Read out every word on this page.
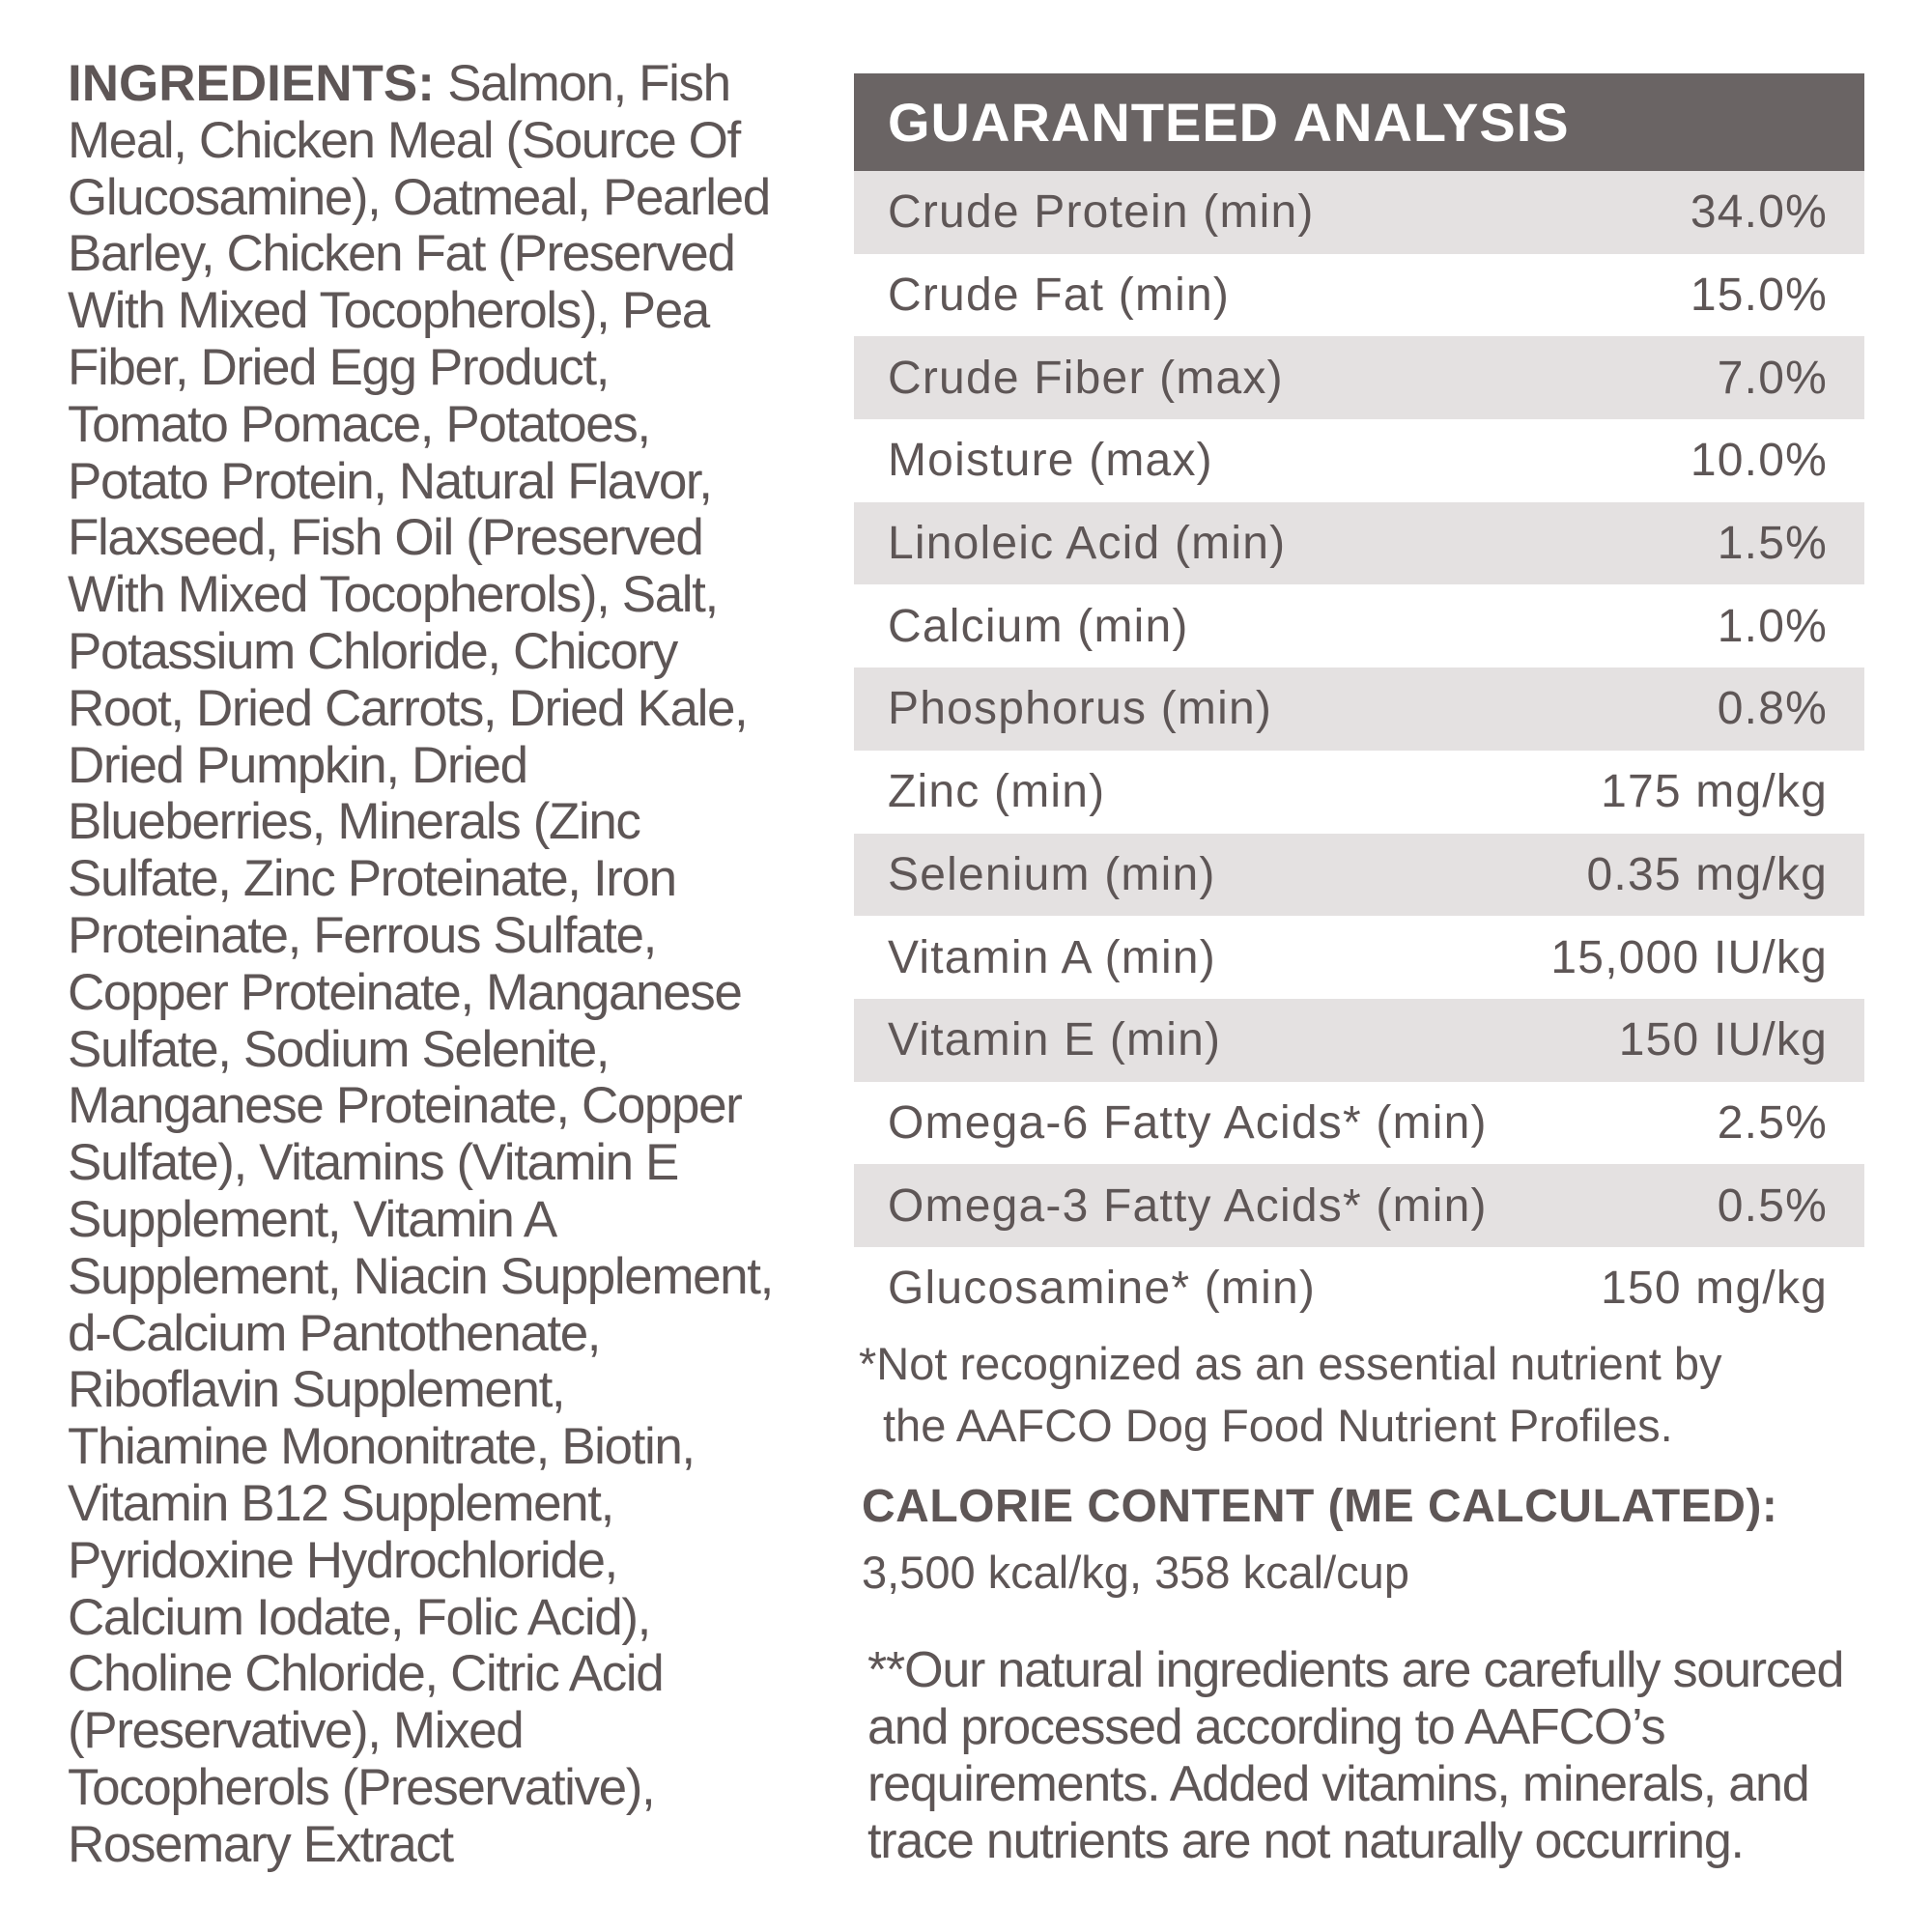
INGREDIENTS: Salmon, Fish Meal, Chicken Meal (Source Of Glucosamine), Oatmeal, Pearled Barley, Chicken Fat (Preserved With Mixed Tocopherols), Pea Fiber, Dried Egg Product, Tomato Pomace, Potatoes, Potato Protein, Natural Flavor, Flaxseed, Fish Oil (Preserved With Mixed Tocopherols), Salt, Potassium Chloride, Chicory Root, Dried Carrots, Dried Kale, Dried Pumpkin, Dried Blueberries, Minerals (Zinc Sulfate, Zinc Proteinate, Iron Proteinate, Ferrous Sulfate, Copper Proteinate, Manganese Sulfate, Sodium Selenite, Manganese Proteinate, Copper Sulfate), Vitamins (Vitamin E Supplement, Vitamin A Supplement, Niacin Supplement, d-Calcium Pantothenate, Riboflavin Supplement, Thiamine Mononitrate, Biotin, Vitamin B12 Supplement, Pyridoxine Hydrochloride, Calcium Iodate, Folic Acid), Choline Chloride, Citric Acid (Preservative), Mixed Tocopherols (Preservative), Rosemary Extract
GUARANTEED ANALYSIS
Crude Protein (min)	34.0%
Crude Fat (min)	15.0%
Crude Fiber (max)	7.0%
Moisture (max)	10.0%
Linoleic Acid (min)	1.5%
Calcium (min)	1.0%
Phosphorus (min)	0.8%
Zinc (min)	175 mg/kg
Selenium (min)	0.35 mg/kg
Vitamin A (min)	15,000 IU/kg
Vitamin E (min)	150 IU/kg
Omega-6 Fatty Acids* (min)	2.5%
Omega-3 Fatty Acids* (min)	0.5%
Glucosamine* (min)	150 mg/kg
*Not recognized as an essential nutrient by
the AAFCO Dog Food Nutrient Profiles.
CALORIE CONTENT (ME CALCULATED):
3,500 kcal/kg, 358 kcal/cup
**Our natural ingredients are carefully sourced and processed according to AAFCO’s requirements. Added vitamins, minerals, and trace nutrients are not naturally occurring.
